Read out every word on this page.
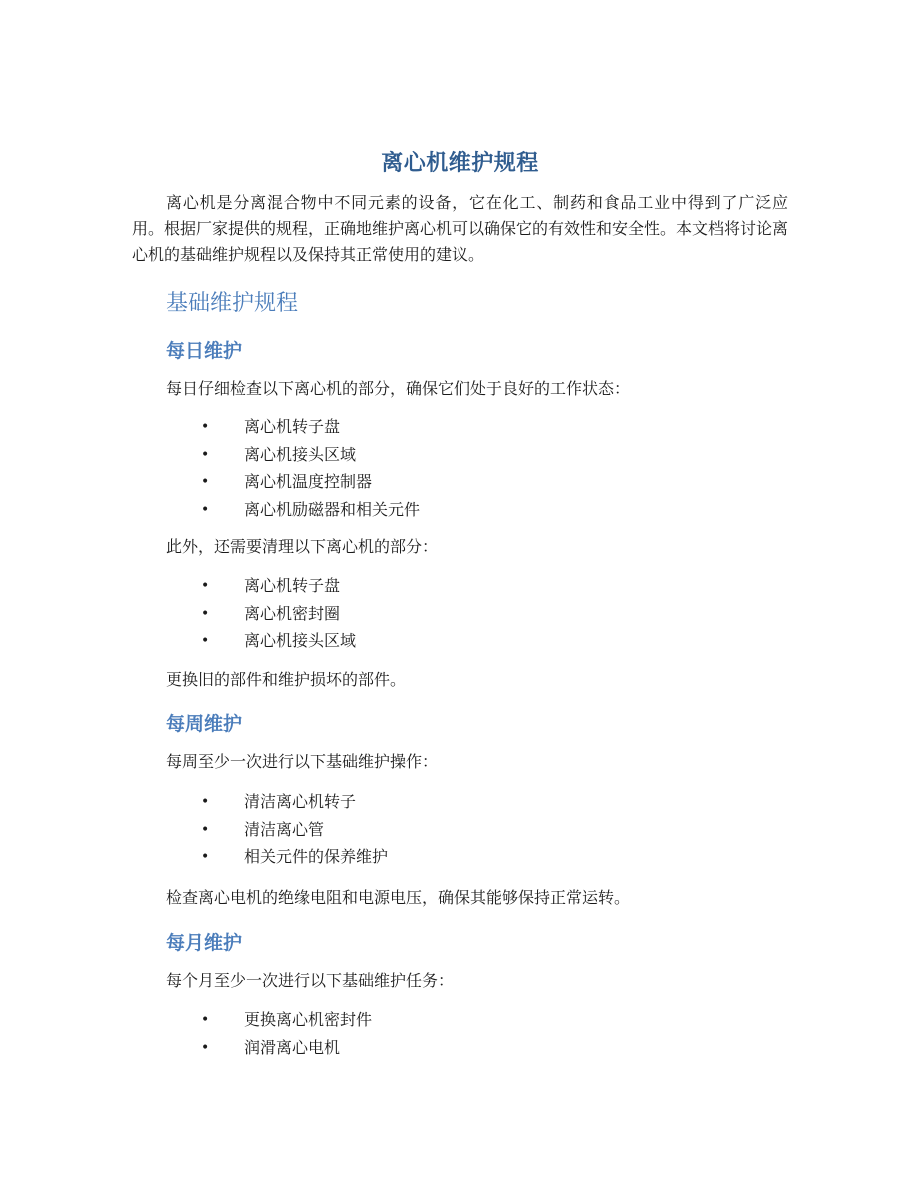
离心机维护规程
离心机是分离混合物中不同元素的设备，它在化工、制药和食品工业中得到了广泛应用。根据厂家提供的规程，正确地维护离心机可以确保它的有效性和安全性。本文档将讨论离心机的基础维护规程以及保持其正常使用的建议。
基础维护规程
每日维护
每日仔细检查以下离心机的部分，确保它们处于良好的工作状态：
• 离心机转子盘
• 离心机接头区域
• 离心机温度控制器
• 离心机励磁器和相关元件
此外，还需要清理以下离心机的部分：
• 离心机转子盘
• 离心机密封圈
• 离心机接头区域
更换旧的部件和维护损坏的部件。
每周维护
每周至少一次进行以下基础维护操作：
• 清洁离心机转子
• 清洁离心管
• 相关元件的保养维护
检查离心电机的绝缘电阻和电源电压，确保其能够保持正常运转。
每月维护
每个月至少一次进行以下基础维护任务：
• 更换离心机密封件
• 润滑离心电机
